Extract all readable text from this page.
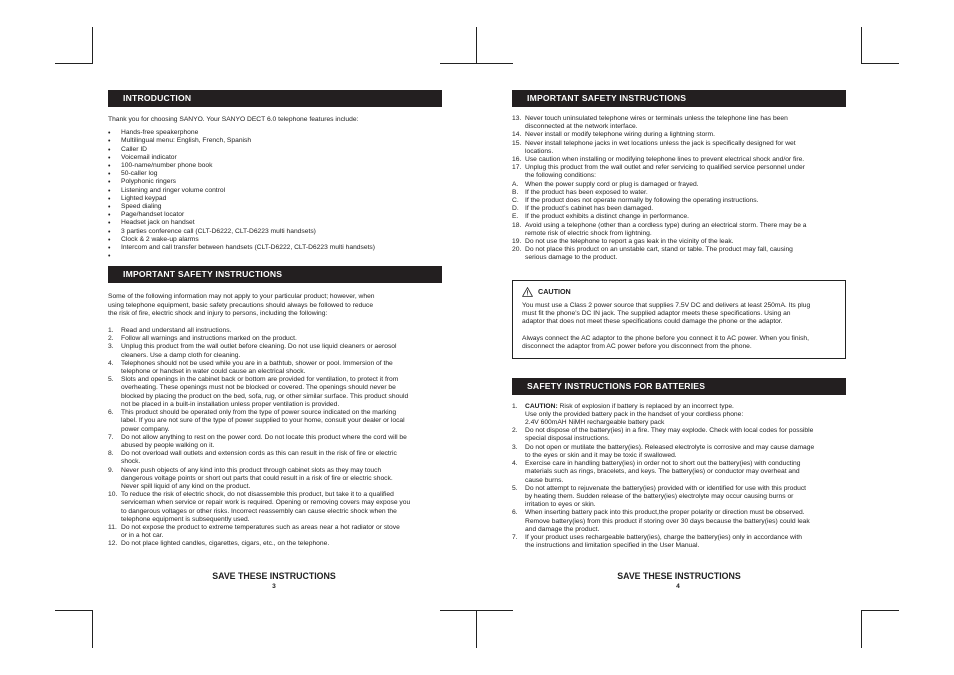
INTRODUCTION
Thank you for choosing SANYO. Your SANYO DECT 6.0 telephone features include:
• Hands-free speakerphone
• Multilingual menu: English, French, Spanish
• Caller ID
• Voicemail indicator
• 100-name/number phone book
• 50-caller log
• Polyphonic ringers
• Listening and ringer volume control
• Lighted keypad
• Speed dialing
• Page/handset locator
• Headset jack on handset
• 3 parties conference call (CLT-D6222, CLT-D6223 multi handsets)
• Clock & 2 wake-up alarms
• Intercom and call transfer between handsets (CLT-D6222, CLT-D6223 multi handsets)
•
IMPORTANT SAFETY INSTRUCTIONS
Some of the following information may not apply to your particular product; however, when
using telephone equipment, basic safety precautions should always be followed to reduce
the risk of fire, electric shock and injury to persons, including the following:
1. Read and understand all instructions.
2. Follow all warnings and instructions marked on the product.
3. Unplug this product from the wall outlet before cleaning. Do not use liquid cleaners or aerosol
cleaners. Use a damp cloth for cleaning.
4. Telephones should not be used while you are in a bathtub, shower or pool. Immersion of the
telephone or handset in water could cause an electrical shock.
5. Slots and openings in the cabinet back or bottom are provided for ventilation, to protect it from
overheating. These openings must not be blocked or covered. The openings should never be
blocked by placing the product on the bed, sofa, rug, or other similar surface. This product should
not be placed in a built-in installation unless proper ventilation is provided.
6. This product should be operated only from the type of power source indicated on the marking
label. If you are not sure of the type of power supplied to your home, consult your dealer or local
power company.
7. Do not allow anything to rest on the power cord. Do not locate this product where the cord will be
abused by people walking on it.
8. Do not overload wall outlets and extension cords as this can result in the risk of fire or electric
shock.
9. Never push objects of any kind into this product through cabinet slots as they may touch
dangerous voltage points or short out parts that could result in a risk of fire or electric shock.
Never spill liquid of any kind on the product.
10. To reduce the risk of electric shock, do not disassemble this product, but take it to a qualified
serviceman when service or repair work is required. Opening or removing covers may expose you
to dangerous voltages or other risks. Incorrect reassembly can cause electric shock when the
telephone equipment is subsequently used.
11. Do not expose the product to extreme temperatures such as areas near a hot radiator or stove
or in a hot car.
12. Do not place lighted candles, cigarettes, cigars, etc., on the telephone.
SAVE THESE INSTRUCTIONS
3
IMPORTANT SAFETY INSTRUCTIONS
13. Never touch uninsulated telephone wires or terminals unless the telephone line has been
disconnected at the network interface.
14. Never install or modify telephone wiring during a lightning storm.
15. Never install telephone jacks in wet locations unless the jack is specifically designed for wet
locations.
16. Use caution when installing or modifying telephone lines to prevent electrical shock and/or fire.
17. Unplug this product from the wall outlet and refer servicing to qualified service personnel under
the following conditions:
A. When the power supply cord or plug is damaged or frayed.
B. If the product has been exposed to water.
C. If the product does not operate normally by following the operating instructions.
D. If the product’s cabinet has been damaged.
E. If the product exhibits a distinct change in performance.
18. Avoid using a telephone (other than a cordless type) during an electrical storm. There may be a
remote risk of electric shock from lightning.
19. Do not use the telephone to report a gas leak in the vicinity of the leak.
20. Do not place this product on an unstable cart, stand or table. The product may fall, causing
serious damage to the product.
CAUTION
You must use a Class 2 power source that supplies 7.5V DC and delivers at least 250mA. Its plug
must fit the phone’s DC IN jack. The supplied adaptor meets these specifications. Using an
adaptor that does not meet these specifications could damage the phone or the adaptor.
Always connect the AC adaptor to the phone before you connect it to AC power. When you finish,
disconnect the adaptor from AC power before you disconnect from the phone.
SAFETY INSTRUCTIONS FOR BATTERIES
1. CAUTION: Risk of explosion if battery is replaced by an incorrect type.
Use only the provided battery pack in the handset of your cordless phone:
2.4V 600mAH NiMH rechargeable battery pack
2. Do not dispose of the battery(ies) in a fire. They may explode. Check with local codes for possible
special disposal instructions.
3. Do not open or mutilate the battery(ies). Released electrolyte is corrosive and may cause damage
to the eyes or skin and it may be toxic if swallowed.
4. Exercise care in handling battery(ies) in order not to short out the battery(ies) with conducting
materials such as rings, bracelets, and keys. The battery(ies) or conductor may overheat and
cause burns.
5. Do not attempt to rejuvenate the battery(ies) provided with or identified for use with this product
by heating them. Sudden release of the battery(ies) electrolyte may occur causing burns or
irritation to eyes or skin.
6. When inserting battery pack into this product,the proper polarity or direction must be observed.
Remove battery(ies) from this product if storing over 30 days because the battery(ies) could leak
and damage the product.
7. If your product uses rechargeable battery(ies), charge the battery(ies) only in accordance with
the instructions and limitation specified in the User Manual.
SAVE THESE INSTRUCTIONS
4
